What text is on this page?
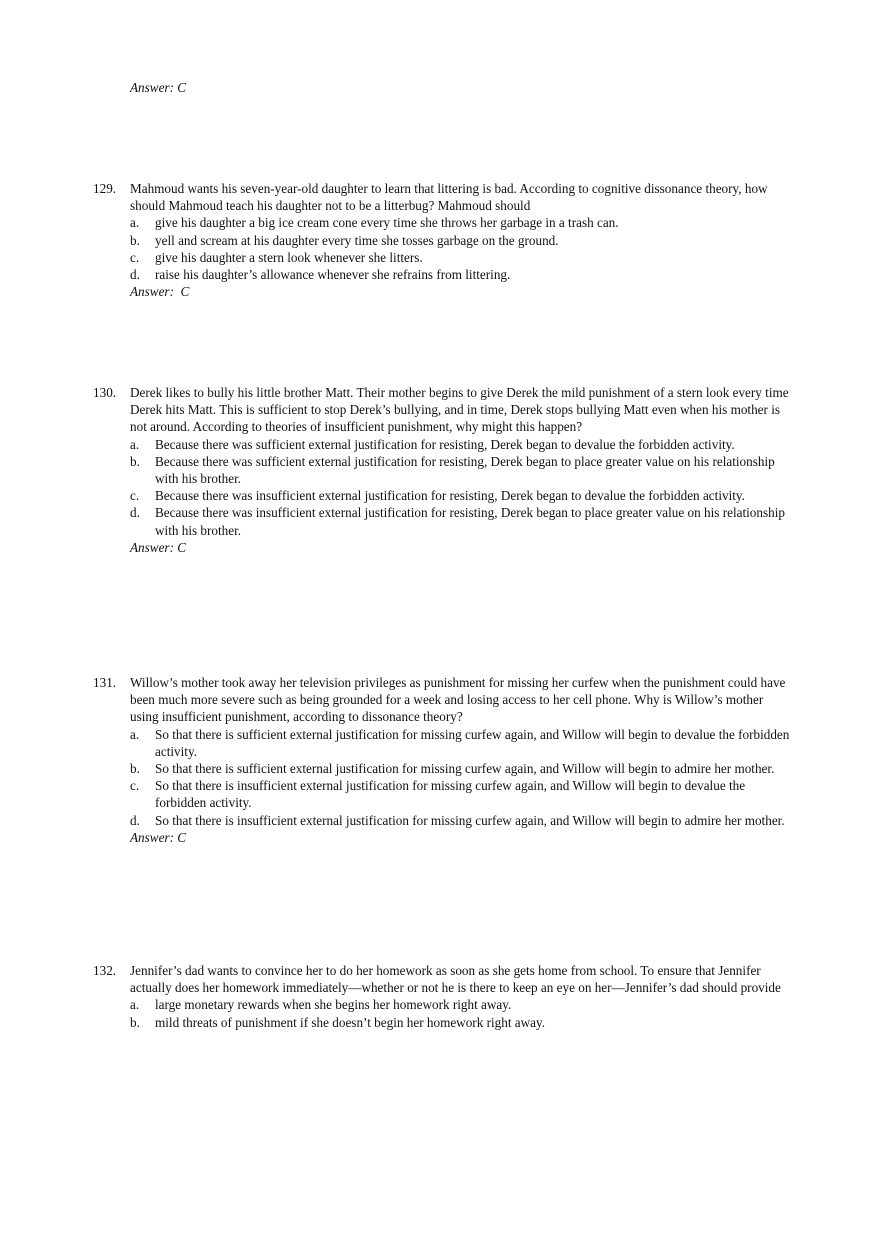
Answer: C
129. Mahmoud wants his seven-year-old daughter to learn that littering is bad. According to cognitive dissonance theory, how should Mahmoud teach his daughter not to be a litterbug? Mahmoud should
a. give his daughter a big ice cream cone every time she throws her garbage in a trash can.
b. yell and scream at his daughter every time she tosses garbage on the ground.
c. give his daughter a stern look whenever she litters.
d. raise his daughter’s allowance whenever she refrains from littering.
Answer:  C
130. Derek likes to bully his little brother Matt. Their mother begins to give Derek the mild punishment of a stern look every time Derek hits Matt. This is sufficient to stop Derek’s bullying, and in time, Derek stops bullying Matt even when his mother is not around. According to theories of insufficient punishment, why might this happen?
a. Because there was sufficient external justification for resisting, Derek began to devalue the forbidden activity.
b. Because there was sufficient external justification for resisting, Derek began to place greater value on his relationship with his brother.
c. Because there was insufficient external justification for resisting, Derek began to devalue the forbidden activity.
d. Because there was insufficient external justification for resisting, Derek began to place greater value on his relationship with his brother.
Answer: C
131. Willow’s mother took away her television privileges as punishment for missing her curfew when the punishment could have been much more severe such as being grounded for a week and losing access to her cell phone. Why is Willow’s mother using insufficient punishment, according to dissonance theory?
a. So that there is sufficient external justification for missing curfew again, and Willow will begin to devalue the forbidden activity.
b. So that there is sufficient external justification for missing curfew again, and Willow will begin to admire her mother.
c. So that there is insufficient external justification for missing curfew again, and Willow will begin to devalue the forbidden activity.
d. So that there is insufficient external justification for missing curfew again, and Willow will begin to admire her mother.
Answer: C
132. Jennifer’s dad wants to convince her to do her homework as soon as she gets home from school. To ensure that Jennifer actually does her homework immediately—whether or not he is there to keep an eye on her—Jennifer’s dad should provide
a. large monetary rewards when she begins her homework right away.
b. mild threats of punishment if she doesn’t begin her homework right away.
